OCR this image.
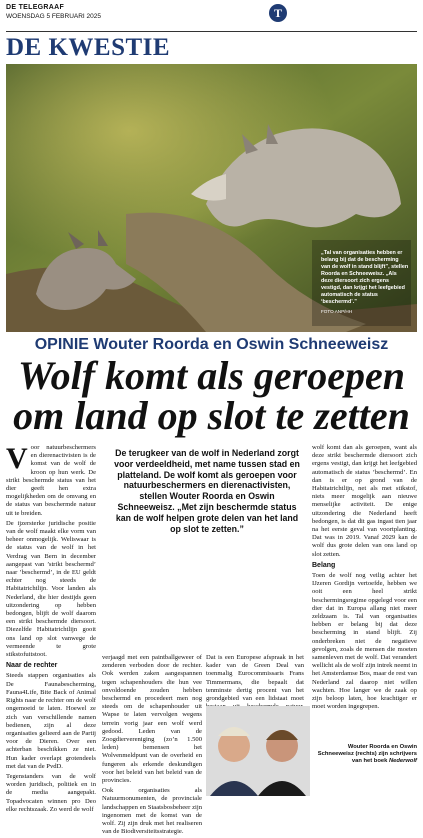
DE TELEGRAAF
WOENSDAG 5 FEBRUARI 2025	T
DE KWESTIE
„Tal van organisaties hebben er belang bij dat de bescherming van de wolf in stand blijft”, stellen Roorda en Schneeweisz. „Als deze diersoort zich ergens vestigd, dan krijgt het leefgebied automatisch de status ‘beschermd’.”
FOTO ANP/HH
OPINIE Wouter Roorda en Oswin Schneeweisz
Wolf komt als geroepen om land op slot te zetten

Voor natuurbeschermers en dierenactivisten is de komst van de wolf de kroon op hun werk. De strikt beschermde status van het dier geeft hen extra mogelijkheden om de omvang en de status van beschermde natuur uit te breiden.

De ijzersterke juridische positie van de wolf maakt elke vorm van beheer onmogelijk. Weliswaar is de status van de wolf in het Verdrag van Bern in december aangepast van ’strikt beschermd’ naar ’beschermd’, in de EU geldt echter nog steeds de Habitatrichtlijn. Voor landen als Nederland, die hier destijds geen uitzondering op hebben bedongen, blijft de wolf daarom een strikt beschermde diersoort. Diezelfde Habitatrichtlijn gooit ons land op slot vanwege de vermeende te grote stikstofuitstoot.

Naar de rechter

Steeds stappen organisaties als De Faunabescherming, Fauna4Life, Bite Back of Animal Rights naar de rechter om de wolf ongemoeid te laten. Hoewel ze zich van verschillende namen bedienen, zijn al deze organisaties gelieerd aan de Partij voor de Dieren. Over een achterban beschikken ze niet. Hun kader overlapt grotendeels met dat van de PvdD.

Tegenstanders van de wolf worden juridisch, politiek en in de media aangepakt. Topadvocaten winnen pro Deo elke rechtszaak. Zo werd de wolf

De terugkeer van de wolf in Nederland zorgt voor verdeeldheid, met name tussen stad en platteland. De wolf komt als geroepen voor natuurbeschermers en dierenactivisten, stellen Wouter Roorda en Oswin Schneeweisz. „Met zijn beschermde status kan de wolf helpen grote delen van het land op slot te zetten.”

verjaagd met een paintballgeweer of zenderen verboden door de rechter. Ook werden zaken aangespannen tegen schapenhouders die hun vee onvoldoende zouden hebben beschermd en procedeert men nog steeds om de schapenhouder uit Wapse te laten vervolgen wegens terrein vorig jaar een wolf werd gedood. Leden van de Zoogdiervereniging (zo’n 1.500 leden) bemensen het Wolvenmeldpunt van de overheid en fungeren als erkende deskundigen voor het beleid van het beleid van de provincies.

Ook organisaties als Natuurmonumenten, de provinciale landschappen en Staatsbosbeheer zijn ingenomen met de komst van de wolf. Zij zijn druk met het realiseren van de Biodiversiteitsstrategie.

Dat is een Europese afspraak in het kader van de Green Deal van toenmalig Eurocommissaris Frans Timmermans, die bepaalt dat tenminste dertig procent van het grondgebied van een lidstaat moet

wolf komt dan als geroepen, want als deze strikt beschermde diersoort zich ergens vestigt, dan krijgt het leefgebied automatisch de status ’beschermd’. En dan is er op grond van de Habitatrichtlijn, net als met stikstof, niets meer mogelijk aan nieuwe menselijke activiteit. De enige uitzondering die Nederland heeft bedongen, is dat dit gas ingast tien jaar na het eerste geval van voortplanting. Dat was in 2019. Vanaf 2029 kan de wolf dus grote delen van ons land op slot zetten.

Belang

Toen de wolf nog veilig achter het IJzeren Gordijn vertoefde, hebben we ooit een heel strikt beschermingsregime opgelegd voor een dier dat in Europa allang niet meer zeldzaam is. Tal van organisaties hebben er belang bij dat deze bescherming in stand blijft. Zij onderbreken niet de negatieve gevolgen, zoals de mensen die moeten samenleven met de wolf. Dat verandert wellicht als de wolf zijn intrek neemt in het Amsterdamse Bos, maar de rest van Nederland zal daarop niet willen wachten. Hoe langer we de zaak op zijn beloop laten, hoe krachtiger er moet worden ingegrepen.

Wouter Roorda en Oswin Schneeweisz (rechts) zijn schrijvers van het boek Nederwolf
